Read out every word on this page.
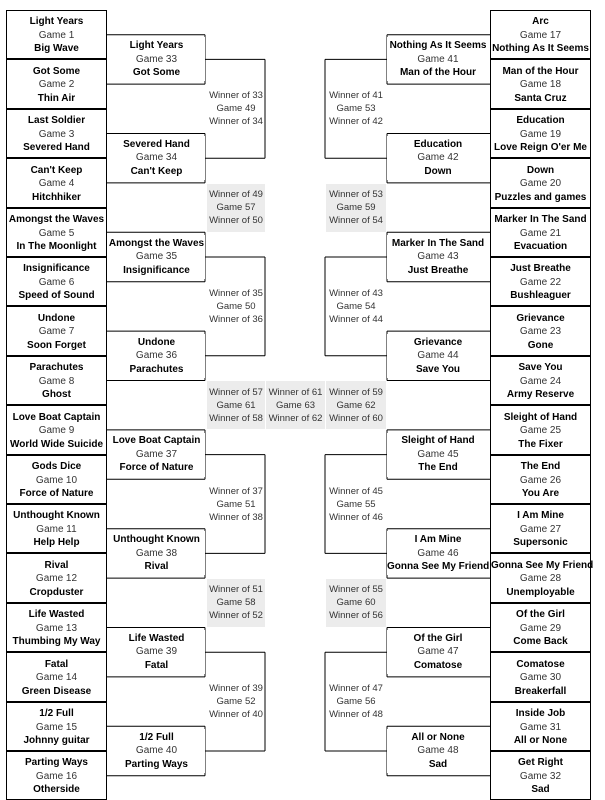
Light Years
Game 1
Big Wave
Arc
Game 17
Nothing As It Seems
Got Some
Game 2
Thin Air
Man of the Hour
Game 18
Santa Cruz
Last Soldier
Game 3
Severed Hand
Education
Game 19
Love Reign O'er Me
Can't Keep
Game 4
Hitchhiker
Down
Game 20
Puzzles and games
Amongst the Waves
Game 5
In The Moonlight
Marker In The Sand
Game 21
Evacuation
Insignificance
Game 6
Speed of Sound
Just Breathe
Game 22
Bushleaguer
Undone
Game 7
Soon Forget
Grievance
Game 23
Gone
Parachutes
Game 8
Ghost
Save You
Game 24
Army Reserve
Love Boat Captain
Game 9
World Wide Suicide
Sleight of Hand
Game 25
The Fixer
Gods Dice
Game 10
Force of Nature
The End
Game 26
You Are
Unthought Known
Game 11
Help Help
I Am Mine
Game 27
Supersonic
Rival
Game 12
Cropduster
Gonna See My Friend
Game 28
Unemployable
Life Wasted
Game 13
Thumbing My Way
Of the Girl
Game 29
Come Back
Fatal
Game 14
Green Disease
Comatose
Game 30
Breakerfall
1/2 Full
Game 15
Johnny guitar
Inside Job
Game 31
All or None
Parting Ways
Game 16
Otherside
Get Right
Game 32
Sad
Light Years
Game 33
Got Some
Nothing As It Seems
Game 41
Man of the Hour
Severed Hand
Game 34
Can't Keep
Education
Game 42
Down
Amongst the Waves
Game 35
Insignificance
Marker In The Sand
Game 43
Just Breathe
Undone
Game 36
Parachutes
Grievance
Game 44
Save You
Love Boat Captain
Game 37
Force of Nature
Sleight of Hand
Game 45
The End
Unthought Known
Game 38
Rival
I Am Mine
Game 46
Gonna See My Friend
Life Wasted
Game 39
Fatal
Of the Girl
Game 47
Comatose
1/2 Full
Game 40
Parting Ways
All or None
Game 48
Sad
Winner of 33
Game 49
Winner of 34
Winner of 41
Game 53
Winner of 42
Winner of 35
Game 50
Winner of 36
Winner of 43
Game 54
Winner of 44
Winner of 37
Game 51
Winner of 38
Winner of 45
Game 55
Winner of 46
Winner of 39
Game 52
Winner of 40
Winner of 47
Game 56
Winner of 48
Winner of 49
Game 57
Winner of 50
Winner of 53
Game 59
Winner of 54
Winner of 51
Game 58
Winner of 52
Winner of 55
Game 60
Winner of 56
Winner of 57
Game 61
Winner of 58
Winner of 61
Game 63
Winner of 62
Winner of 59
Game 62
Winner of 60
